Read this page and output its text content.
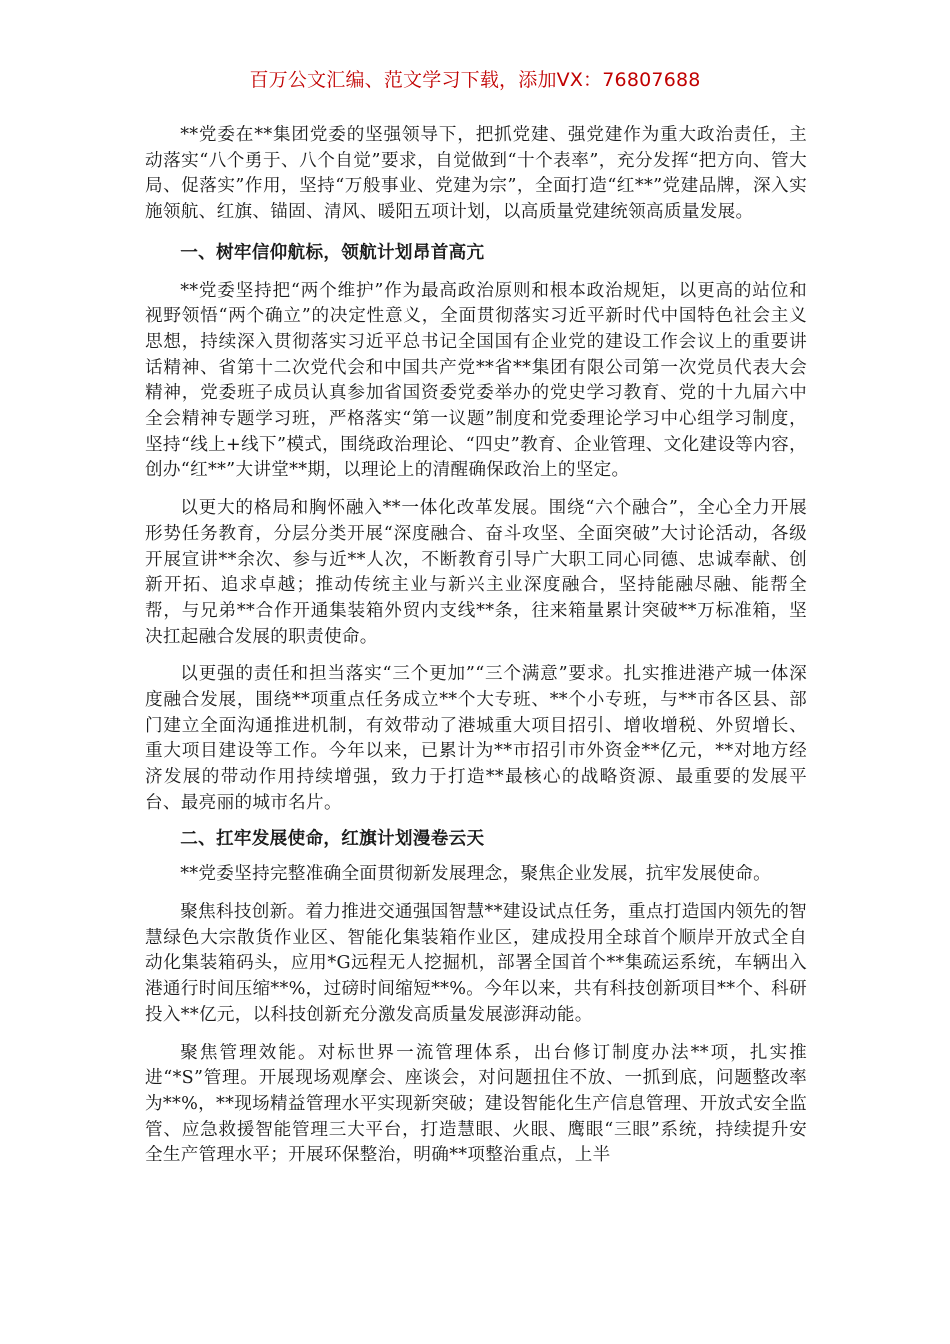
百万公文汇编、范文学习下载，添加VX：76807688

**党委在**集团党委的坚强领导下，把抓党建、强党建作为重大政治责任，主动落实“八个勇于、八个自觉”要求，自觉做到“十个表率”，充分发挥“把方向、管大局、促落实”作用，坚持“万般事业、党建为宗”，全面打造“红**”党建品牌，深入实施领航、红旗、锚固、清风、暖阳五项计划，以高质量党建统领高质量发展。

一、树牢信仰航标，领航计划昂首高亢

**党委坚持把“两个维护”作为最高政治原则和根本政治规矩，以更高的站位和视野领悟“两个确立”的决定性意义，全面贯彻落实习近平新时代中国特色社会主义思想，持续深入贯彻落实习近平总书记全国国有企业党的建设工作会议上的重要讲话精神、省第十二次党代会和中国共产党**省**集团有限公司第一次党员代表大会精神，党委班子成员认真参加省国资委党委举办的党史学习教育、党的十九届六中全会精神专题学习班，严格落实“第一议题”制度和党委理论学习中心组学习制度，坚持“线上+线下”模式，围绕政治理论、“四史”教育、企业管理、文化建设等内容，创办“红**”大讲堂**期，以理论上的清醒确保政治上的坚定。

以更大的格局和胸怀融入**一体化改革发展。围绕“六个融合”，全心全力开展形势任务教育，分层分类开展“深度融合、奋斗攻坚、全面突破”大讨论活动，各级开展宣讲**余次、参与近**人次，不断教育引导广大职工同心同德、忠诚奉献、创新开拓、追求卓越；推动传统主业与新兴主业深度融合，坚持能融尽融、能帮全帮，与兄弟**合作开通集装箱外贸内支线**条，往来箱量累计突破**万标准箱，坚决扛起融合发展的职责使命。

以更强的责任和担当落实“三个更加”“三个满意”要求。扎实推进港产城一体深度融合发展，围绕**项重点任务成立**个大专班、**个小专班，与**市各区县、部门建立全面沟通推进机制，有效带动了港城重大项目招引、增收增税、外贸增长、重大项目建设等工作。今年以来，已累计为**市招引市外资金**亿元，**对地方经济发展的带动作用持续增强，致力于打造**最核心的战略资源、最重要的发展平台、最亮丽的城市名片。

二、扛牢发展使命，红旗计划漫卷云天

**党委坚持完整准确全面贯彻新发展理念，聚焦企业发展，抗牢发展使命。

聚焦科技创新。着力推进交通强国智慧**建设试点任务，重点打造国内领先的智慧绿色大宗散货作业区、智能化集装箱作业区，建成投用全球首个顺岸开放式全自动化集装箱码头，应用*G远程无人挖掘机，部署全国首个**集疏运系统，车辆出入港通行时间压缩**%，过磅时间缩短**%。今年以来，共有科技创新项目**个、科研投入**亿元，以科技创新充分激发高质量发展澎湃动能。

聚焦管理效能。对标世界一流管理体系，出台修订制度办法**项，扎实推进“*S”管理。开展现场观摩会、座谈会，对问题扭住不放、一抓到底，问题整改率为**%，**现场精益管理水平实现新突破；建设智能化生产信息管理、开放式安全监管、应急救援智能管理三大平台，打造慧眼、火眼、鹰眼“三眼”系统，持续提升安全生产管理水平；开展环保整治，明确**项整治重点，上半
